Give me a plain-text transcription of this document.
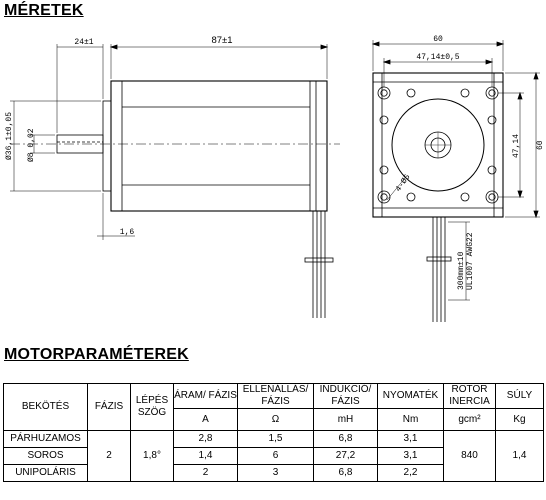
MÉRETEK
87±1
24±1
Ø36,1±0,05 Ø8 0,02
1,6
60
47,14±0,5
47,14 60
4-Ø5
300mm±10 UL1007 AWG22
MOTORPARAMÉTEREK
BEKÖTÉS	FÁZIS	LÉPÉS SZÖG	ÁRAM/ FÁZIS	ELLENÁLLÁS/ FÁZIS	INDUKCIÓ/ FÁZIS	NYOMATÉK	ROTOR INERCIA	SÚLY
			A	Ω	mH	Nm	gcm²	Kg
PÁRHUZAMOS	2	1,8°	2,8	1,5	6,8	3,1	840	1,4
SOROS			1,4	6	27,2	3,1		
UNIPOLÁRIS			2	3	6,8	2,2		
